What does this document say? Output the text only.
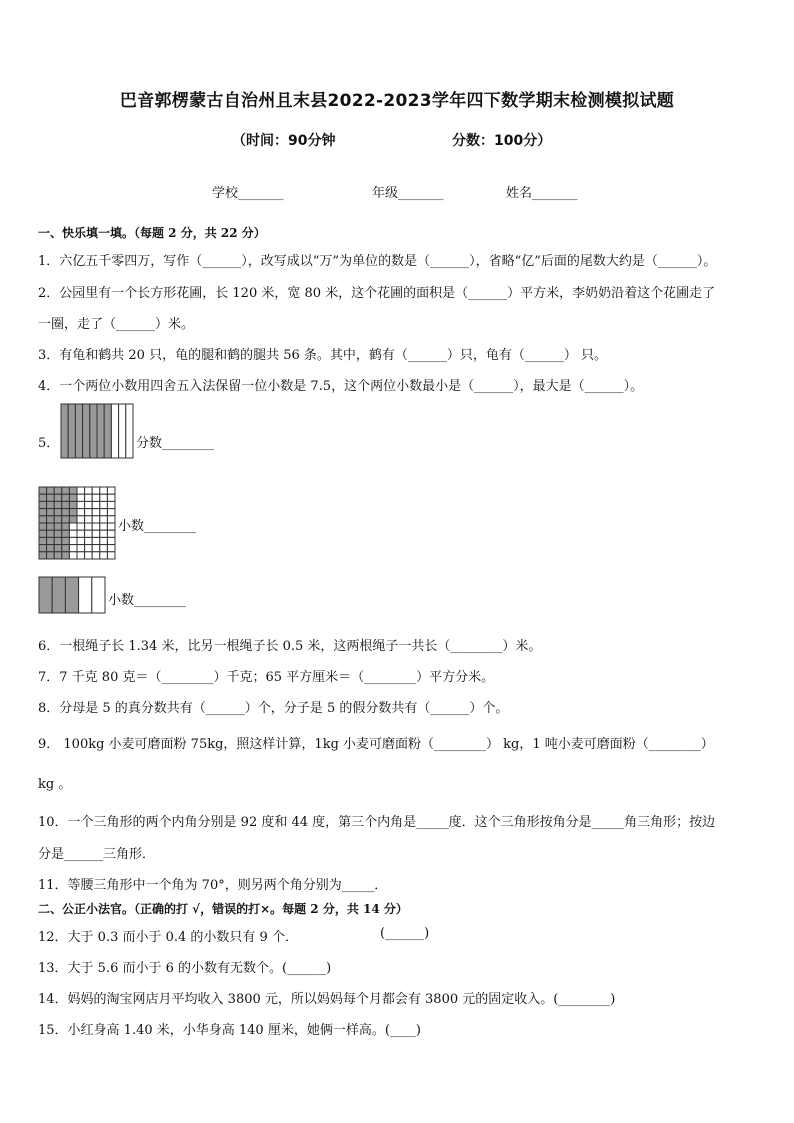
巴音郭楞蒙古自治州且末县2022-2023学年四下数学期末检测模拟试题
（时间：90分钟	分数：100分）
学校_______	年级_______	姓名_______
一、快乐填一填。（每题 2 分，共 22 分）
1．六亿五千零四万，写作（______），改写成以“万”为单位的数是（______），省略“亿”后面的尾数大约是（______）。
2．公园里有一个长方形花圃，长 120 米，宽 80 米，这个花圃的面积是（______）平方米，李奶奶沿着这个花圃走了
一圈，走了（______）米。
3．有龟和鹤共 20 只，龟的腿和鹤的腿共 56 条。其中，鹤有（______）只，龟有（______） 只。
4．一个两位小数用四舍五入法保留一位小数是 7.5，这个两位小数最小是（______），最大是（______）。
5．	分数________
小数________
小数________
6．一根绳子长 1.34 米，比另一根绳子长 0.5 米，这两根绳子一共长（________）米。
7．7 千克 80 克＝（________）千克；65 平方厘米＝（________）平方分米。
8．分母是 5 的真分数共有（______）个，分子是 5 的假分数共有（______）个。
9． 100kg 小麦可磨面粉 75kg，照这样计算，1kg 小麦可磨面粉（________） kg，1 吨小麦可磨面粉（________）
kg 。
10．一个三角形的两个内角分别是 92 度和 44 度，第三个内角是_____度．这个三角形按角分是_____角三角形；按边
分是______三角形．
11．等腰三角形中一个角为 70°，则另两个角分别为_____．
二、公正小法官。（正确的打 √，错误的打×。每题 2 分，共 14 分）
12．大于 0.3 而小于 0.4 的小数只有 9 个．	(______)
13．大于 5.6 而小于 6 的小数有无数个。(______)
14．妈妈的淘宝网店月平均收入 3800 元，所以妈妈每个月都会有 3800 元的固定收入。(________)
15．小红身高 1.40 米，小华身高 140 厘米，她俩一样高。(____)
